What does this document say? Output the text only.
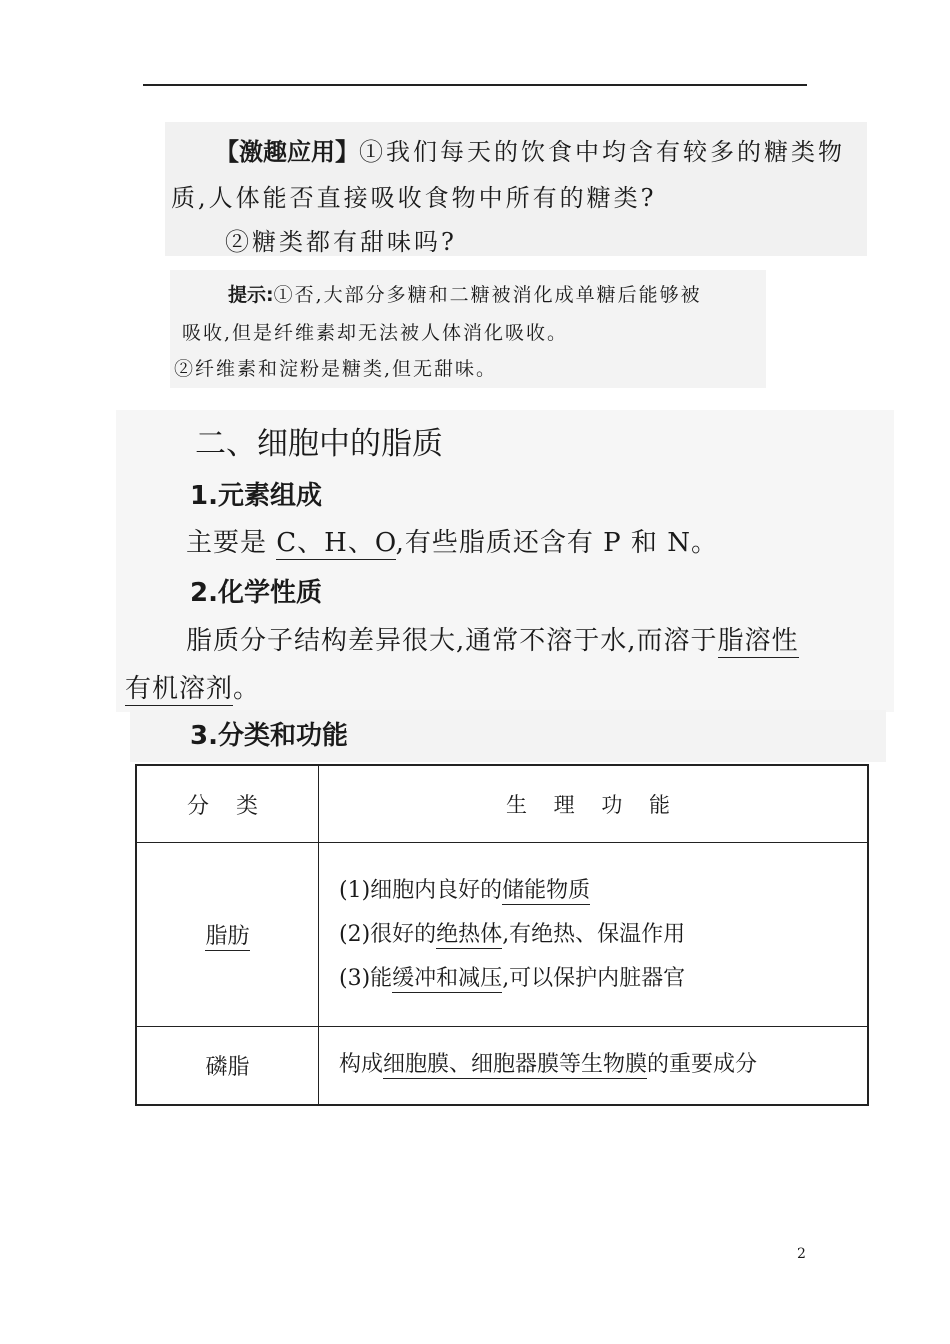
【激趣应用】①我们每天的饮食中均含有较多的糖类物
质,人体能否直接吸收食物中所有的糖类?
②糖类都有甜味吗?
提示:①否,大部分多糖和二糖被消化成单糖后能够被
吸收,但是纤维素却无法被人体消化吸收。
②纤维素和淀粉是糖类,但无甜味。
二、细胞中的脂质
1.元素组成
主要是 C、H、O,有些脂质还含有 P 和 N。
2.化学性质
脂质分子结构差异很大,通常不溶于水,而溶于脂溶性
有机溶剂。
3.分类和功能
分 类	生 理 功 能
脂肪	(1)细胞内良好的储能物质
(2)很好的绝热体,有绝热、保温作用
(3)能缓冲和减压,可以保护内脏器官

磷脂	构成细胞膜、细胞器膜等生物膜的重要成分
2
